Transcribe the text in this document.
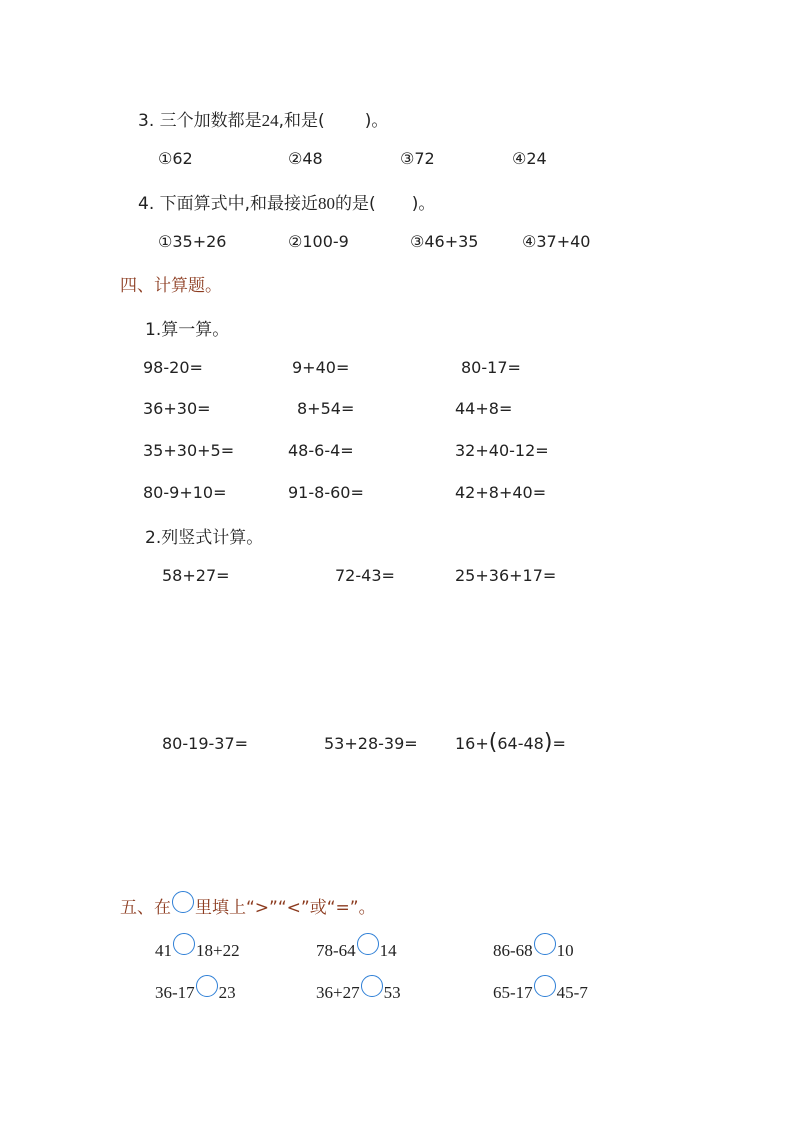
3. 三个加数都是24,和是( )。
①62	②48	③72	④24
4. 下面算式中,和最接近80的是( )。
①35+26	②100-9	③46+35	④37+40
四、计算题。
1.算一算。
98-20=	9+40=	80-17=
36+30=	8+54=	44+8=
35+30+5=	48-6-4=	32+40-12=
80-9+10=	91-8-60=	42+8+40=
2.列竖式计算。
58+27=	72-43=	25+36+17=
80-19-37=	53+28-39= 16+(64-48)=
五、在 里填上“>”“<”或“=”。
41 18+22	78-64 14	86-68 10
36-17 23	36+27 53	65-17 45-7
